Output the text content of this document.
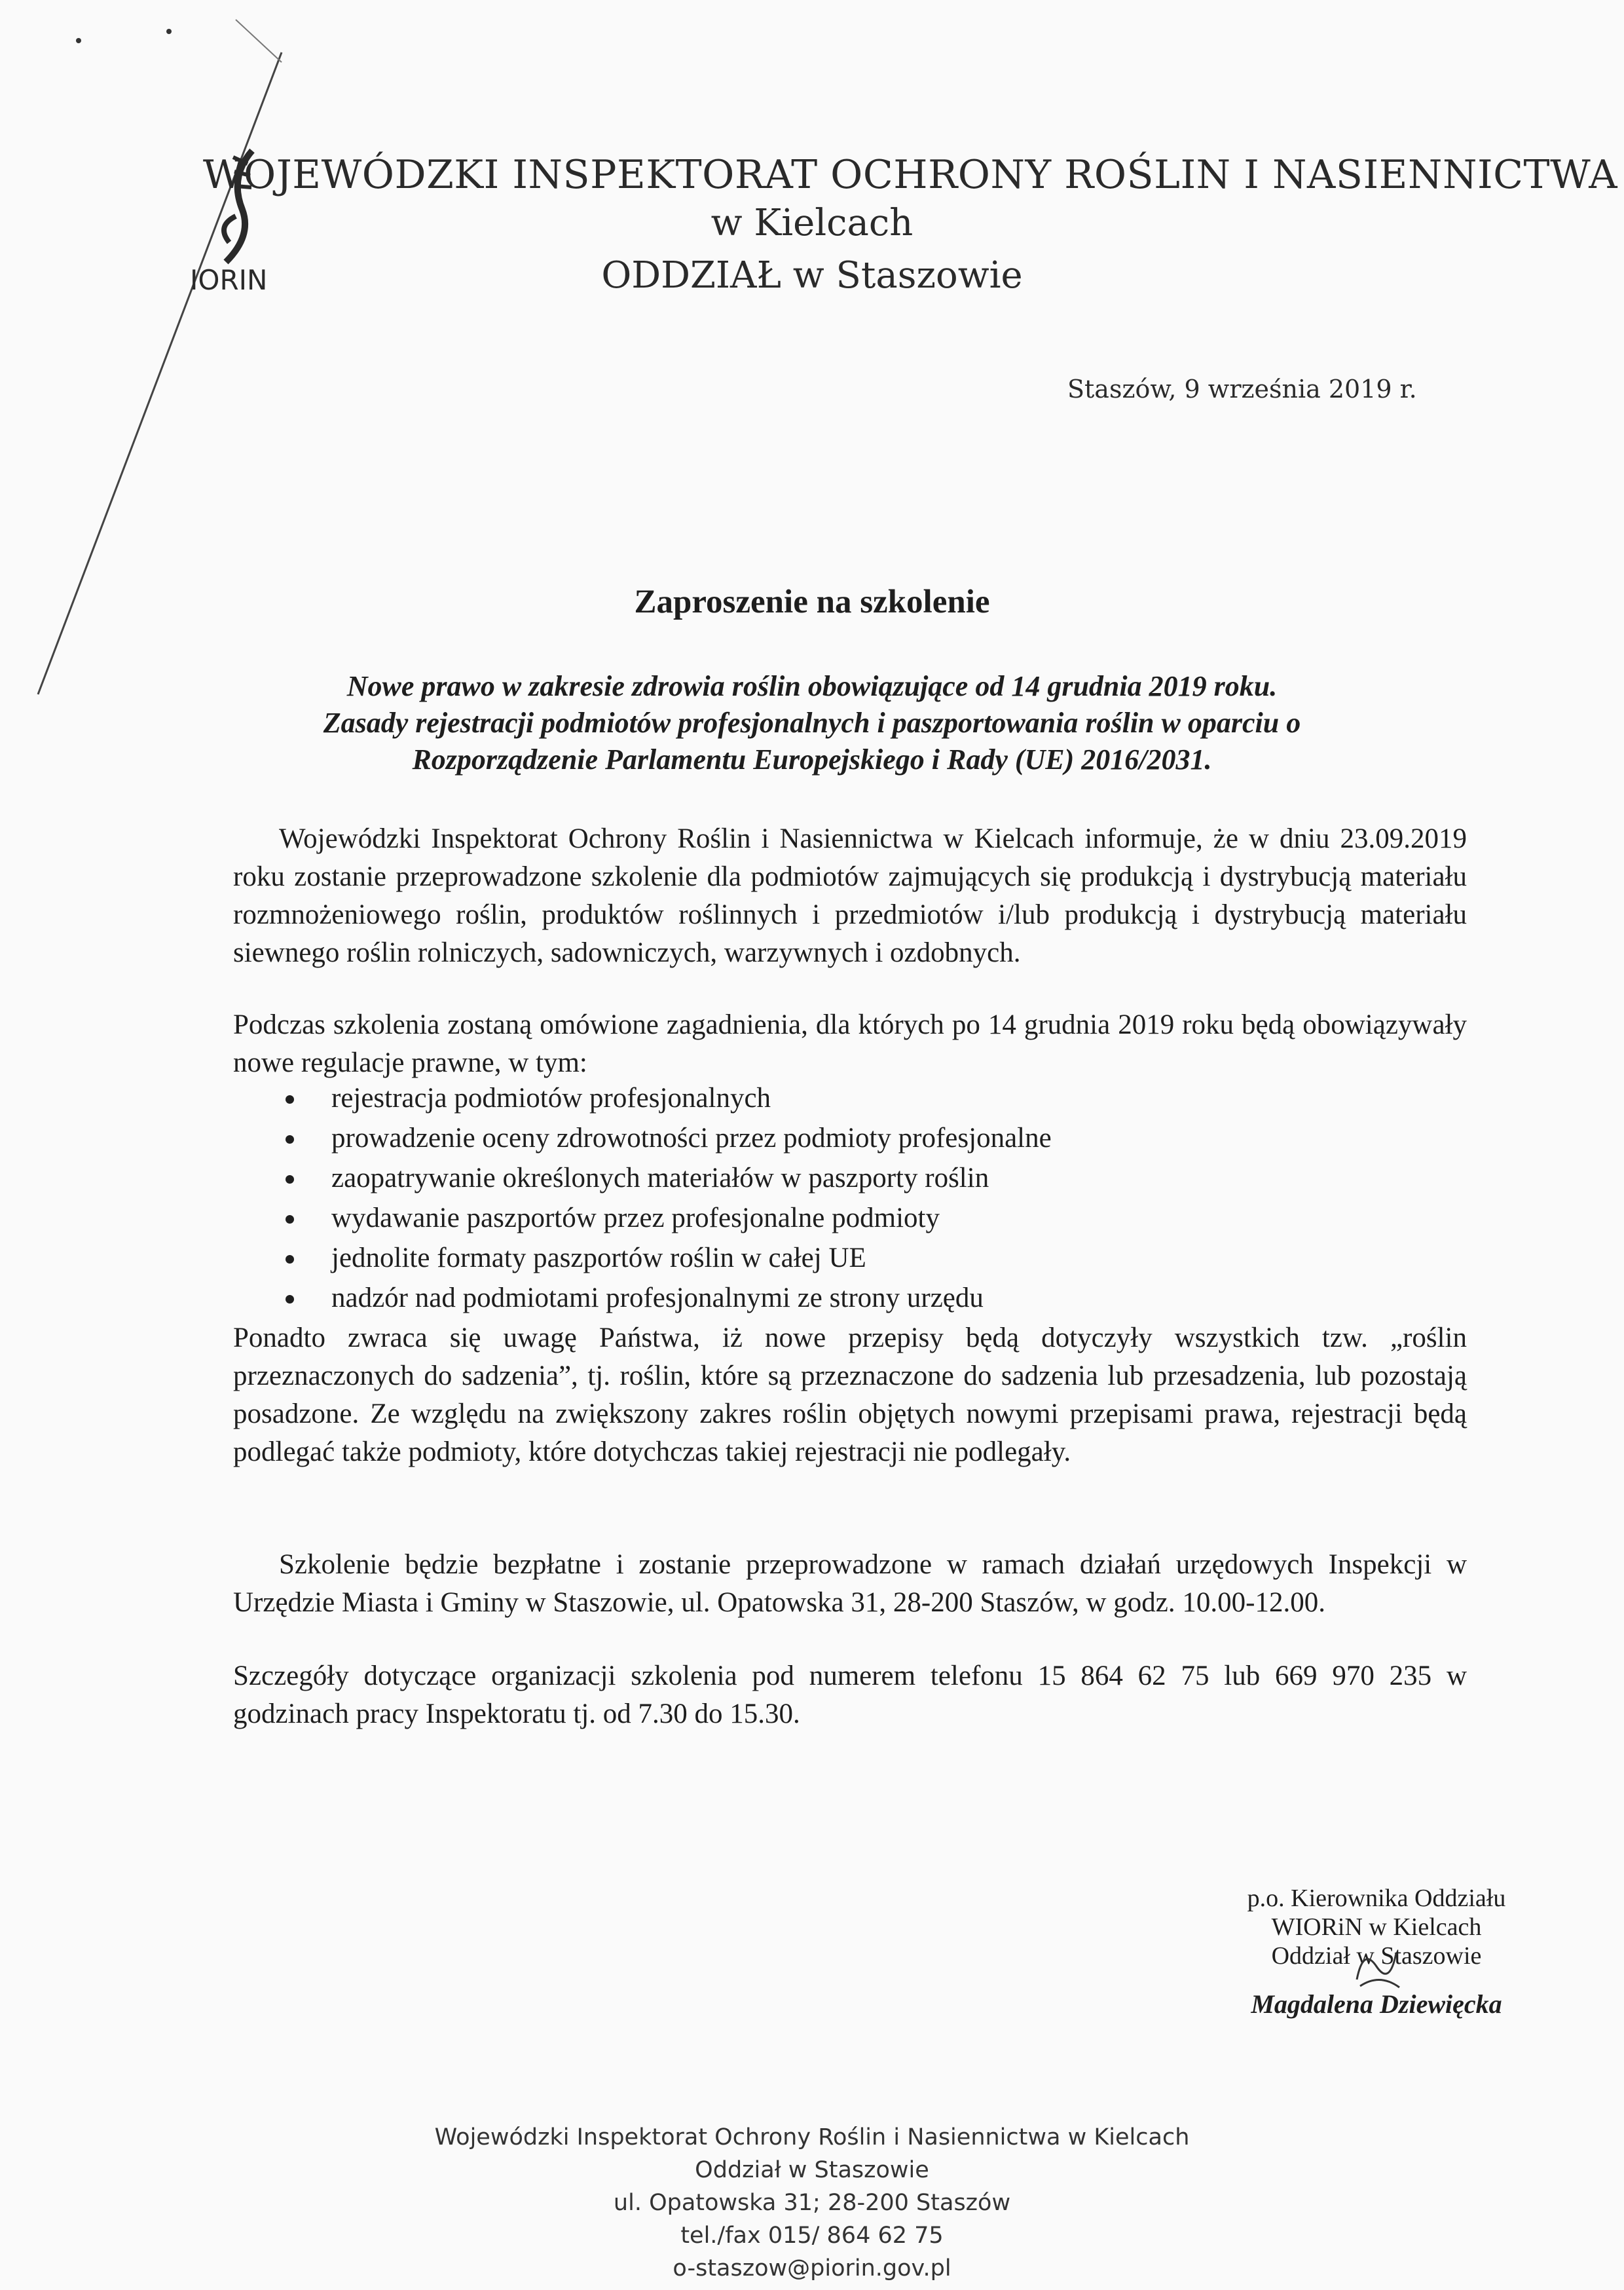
IORIN
WOJEWÓDZKI INSPEKTORAT OCHRONY ROŚLIN I NASIENNICTWA
w Kielcach
ODDZIAŁ w Staszowie
Staszów, 9 września 2019 r.
Zaproszenie na szkolenie
Nowe prawo w zakresie zdrowia roślin obowiązujące od 14 grudnia 2019 roku.
Zasady rejestracji podmiotów profesjonalnych i paszportowania roślin w oparciu o
Rozporządzenie Parlamentu Europejskiego i Rady (UE) 2016/2031.
Wojewódzki Inspektorat Ochrony Roślin i Nasiennictwa w Kielcach informuje, że w dniu 23.09.2019 roku zostanie przeprowadzone szkolenie dla podmiotów zajmujących się produkcją i dystrybucją materiału rozmnożeniowego roślin, produktów roślinnych i przedmiotów i/lub produkcją i dystrybucją materiału siewnego roślin rolniczych, sadowniczych, warzywnych i ozdobnych.
Podczas szkolenia zostaną omówione zagadnienia, dla których po 14 grudnia 2019 roku będą obowiązywały nowe regulacje prawne, w tym:
rejestracja podmiotów profesjonalnych
prowadzenie oceny zdrowotności przez podmioty profesjonalne
zaopatrywanie określonych materiałów w paszporty roślin
wydawanie paszportów przez profesjonalne podmioty
jednolite formaty paszportów roślin w całej UE
nadzór nad podmiotami profesjonalnymi ze strony urzędu
Ponadto zwraca się uwagę Państwa, iż nowe przepisy będą dotyczyły wszystkich tzw. „roślin przeznaczonych do sadzenia”, tj. roślin, które są przeznaczone do sadzenia lub przesadzenia, lub pozostają posadzone. Ze względu na zwiększony zakres roślin objętych nowymi przepisami prawa, rejestracji będą podlegać także podmioty, które dotychczas takiej rejestracji nie podlegały.
Szkolenie będzie bezpłatne i zostanie przeprowadzone w ramach działań urzędowych Inspekcji w Urzędzie Miasta i Gminy w Staszowie, ul. Opatowska 31, 28-200 Staszów, w godz. 10.00-12.00.
Szczegóły dotyczące organizacji szkolenia pod numerem telefonu 15 864 62 75 lub 669 970 235 w godzinach pracy Inspektoratu tj. od 7.30 do 15.30.
p.o. Kierownika Oddziału
WIORiN w Kielcach
Oddział w Staszowie
Magdalena Dziewięcka
Wojewódzki Inspektorat Ochrony Roślin i Nasiennictwa w Kielcach
Oddział w Staszowie
ul. Opatowska 31; 28-200 Staszów
tel./fax 015/ 864 62 75
o-staszow@piorin.gov.pl
